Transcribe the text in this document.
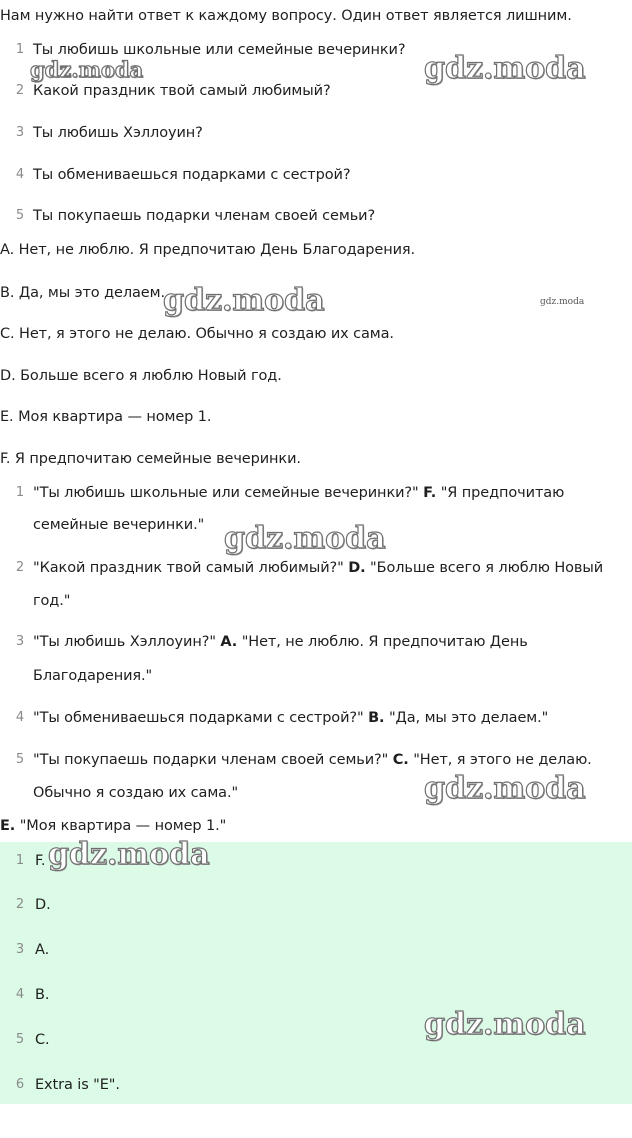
Нам нужно найти ответ к каждому вопросу. Один ответ является лишним.
1 Ты любишь школьные или семейные вечеринки?
2 Какой праздник твой самый любимый?
3 Ты любишь Хэллоуин?
4 Ты обмениваешься подарками с сестрой?
5 Ты покупаешь подарки членам своей семьи?
A. Нет, не люблю. Я предпочитаю День Благодарения.
B. Да, мы это делаем.
C. Нет, я этого не делаю. Обычно я создаю их сама.
D. Больше всего я люблю Новый год.
E. Моя квартира — номер 1.
F. Я предпочитаю семейные вечеринки.
1 "Ты любишь школьные или семейные вечеринки?" F. "Я предпочитаю
семейные вечеринки."
2 "Какой праздник твой самый любимый?" D. "Больше всего я люблю Новый
год."
3 "Ты любишь Хэллоуин?" A. "Нет, не люблю. Я предпочитаю День
Благодарения."
4 "Ты обмениваешься подарками с сестрой?" B. "Да, мы это делаем."
5 "Ты покупаешь подарки членам своей семьи?" C. "Нет, я этого не делаю.
Обычно я создаю их сама."
E. "Моя квартира — номер 1."
1 F.
2 D.
3 A.
4 B.
5 C.
6 Extra is "E".
gdz.moda	gdz.moda
gdz.moda	gdz.moda
gdz.moda
gdz.moda
gdz.moda
gdz.moda
